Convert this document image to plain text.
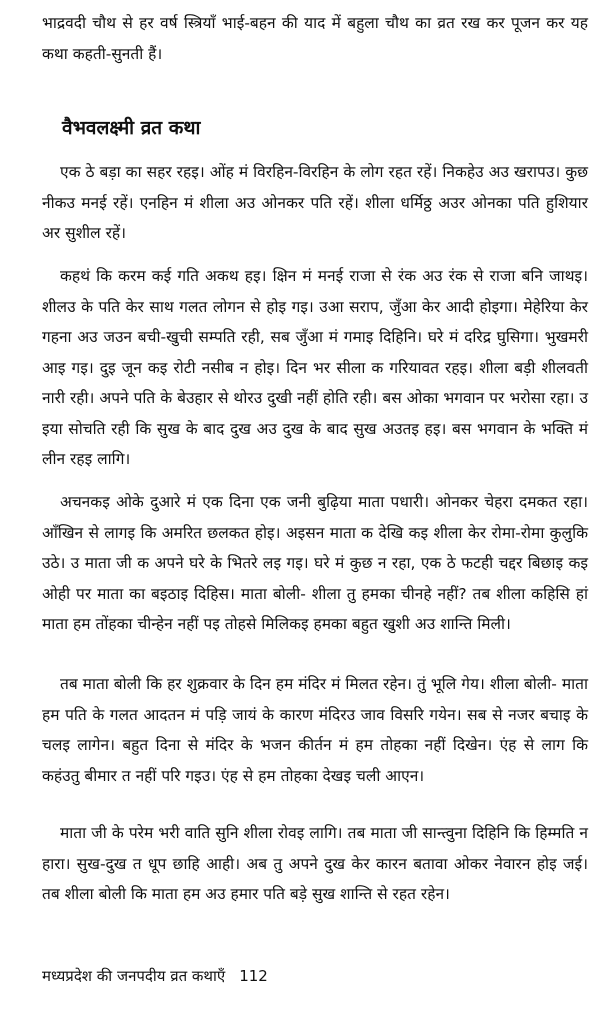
भाद्रवदी चौथ से हर वर्ष स्त्रियाँ भाई-बहन की याद में बहुला चौथ का व्रत रख कर पूजन कर यह कथा कहती-सुनती हैं।

वैभवलक्ष्मी व्रत कथा

एक ठे बड़ा का सहर रहइ। ओंह मं विरहिन-विरहिन के लोग रहत रहें। निकहेउ अउ खरापउ। कुछ नीकउ मनई रहें। एनहिन मं शीला अउ ओनकर पति रहें। शीला धर्मिठ्ठ अउर ओनका पति हुशियार अर सुशील रहें।

कहथं कि करम कई गति अकथ हइ। क्षिन मं मनई राजा से रंक अउ रंक से राजा बनि जाथइ। शीलउ के पति केर साथ गलत लोगन से होइ गइ। उआ सराप, जुँआ केर आदी होइगा। मेहेरिया केर गहना अउ जउन बची-खुची सम्पति रही, सब जुँआ मं गमाइ दिहिनि। घरे मं दरिद्र घुसिगा। भुखमरी आइ गइ। दुइ जून कइ रोटी नसीब न होइ। दिन भर सीला क गरियावत रहइ। शीला बड़ी शीलवती नारी रही। अपने पति के बेउहार से थोरउ दुखी नहीं होति रही। बस ओका भगवान पर भरोसा रहा। उ इया सोचति रही कि सुख के बाद दुख अउ दुख के बाद सुख अउतइ हइ। बस भगवान के भक्ति मं लीन रहइ लागि।

अचनकइ ओके दुआरे मं एक दिना एक जनी बुढ़िया माता पधारी। ओनकर चेहरा दमकत रहा। आँखिन से लागइ कि अमरित छलकत होइ। अइसन माता क देखि कइ शीला केर रोमा-रोमा कुलुकि उठे। उ माता जी क अपने घरे के भितरे लइ गइ। घरे मं कुछ न रहा, एक ठे फटही चद्दर बिछाइ कइ ओही पर माता का बइठाइ दिहिस। माता बोली- शीला तु हमका चीनहे नहीं? तब शीला कहिसि हां माता हम तोंहका चीन्हेन नहीं पइ तोहसे मिलिकइ हमका बहुत खुशी अउ शान्ति मिली।

तब माता बोली कि हर शुक्रवार के दिन हम मंदिर मं मिलत रहेन। तुं भूलि गेय। शीला बोली- माता हम पति के गलत आदतन मं पड़ि जायं के कारण मंदिरउ जाव विसरि गयेन। सब से नजर बचाइ के चलइ लागेन। बहुत दिना से मंदिर के भजन कीर्तन मं हम तोहका नहीं दिखेन। एंह से लाग कि कहंउतु बीमार त नहीं परि गइउ। एंह से हम तोहका देखइ चली आएन।

माता जी के परेम भरी वाति सुनि शीला रोवइ लागि। तब माता जी सान्त्वुना दिहिनि कि हिम्मति न हारा। सुख-दुख त धूप छाहि आही। अब तु अपने दुख केर कारन बतावा ओकर नेवारन होइ जई। तब शीला बोली कि माता हम अउ हमार पति बड़े सुख शान्ति से रहत रहेन।

मध्यप्रदेश की जनपदीय व्रत कथाएँ 112
